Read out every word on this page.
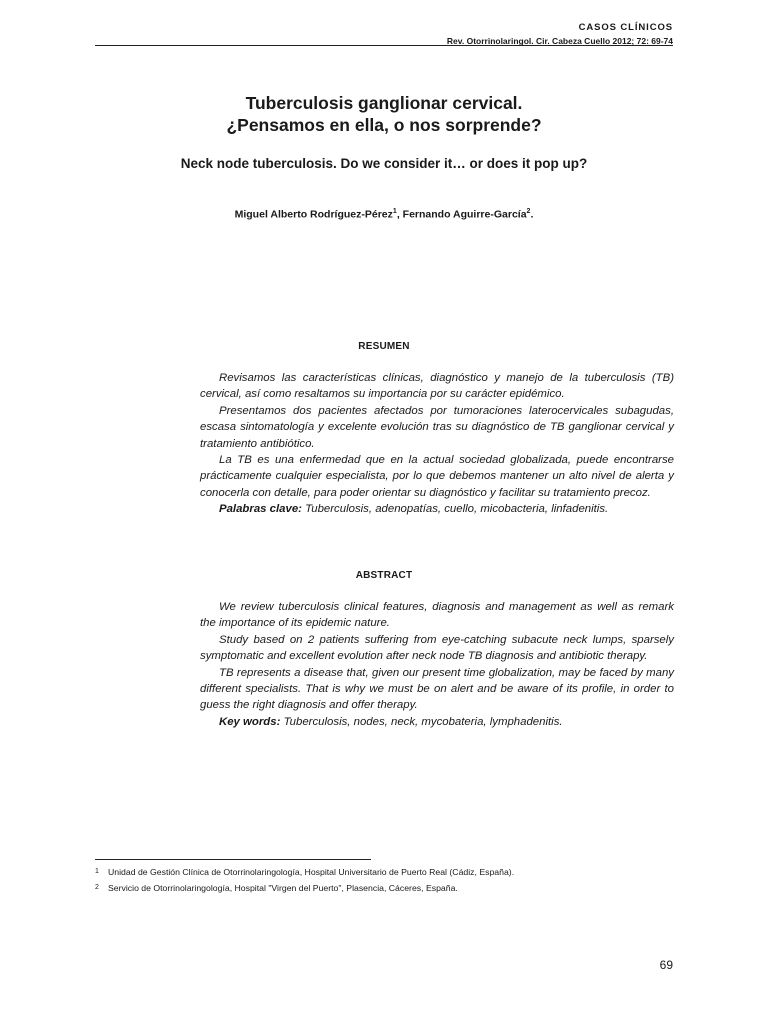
CASOS CLÍNICOS
Rev. Otorrinolaringol. Cir. Cabeza Cuello 2012; 72: 69-74
Tuberculosis ganglionar cervical.
¿Pensamos en ella, o nos sorprende?
Neck node tuberculosis. Do we consider it… or does it pop up?
Miguel Alberto Rodríguez-Pérez$^1$, Fernando Aguirre-García$^2$.
RESUMEN

Revisamos las características clínicas, diagnóstico y manejo de la tuberculosis (TB) cervical, así como resaltamos su importancia por su carácter epidémico.

Presentamos dos pacientes afectados por tumoraciones laterocervicales subagudas, escasa sintomatología y excelente evolución tras su diagnóstico de TB ganglionar cervical y tratamiento antibiótico.

La TB es una enfermedad que en la actual sociedad globalizada, puede encontrarse prácticamente cualquier especialista, por lo que debemos mantener un alto nivel de alerta y conocerla con detalle, para poder orientar su diagnóstico y facilitar su tratamiento precoz.

Palabras clave: Tuberculosis, adenopatías, cuello, micobacteria, linfadenitis.

ABSTRACT

We review tuberculosis clinical features, diagnosis and management as well as remark the importance of its epidemic nature.

Study based on 2 patients suffering from eye-catching subacute neck lumps, sparsely symptomatic and excellent evolution after neck node TB diagnosis and antibiotic therapy.

TB represents a disease that, given our present time globalization, may be faced by many different specialists. That is why we must be on alert and be aware of its profile, in order to guess the right diagnosis and offer therapy.

Key words: Tuberculosis, nodes, neck, mycobateria, lymphadenitis.

1 Unidad de Gestión Clínica de Otorrinolaringología, Hospital Universitario de Puerto Real (Cádiz, España).
2 Servicio de Otorrinolaringología, Hospital "Virgen del Puerto", Plasencia, Cáceres, España.
69
